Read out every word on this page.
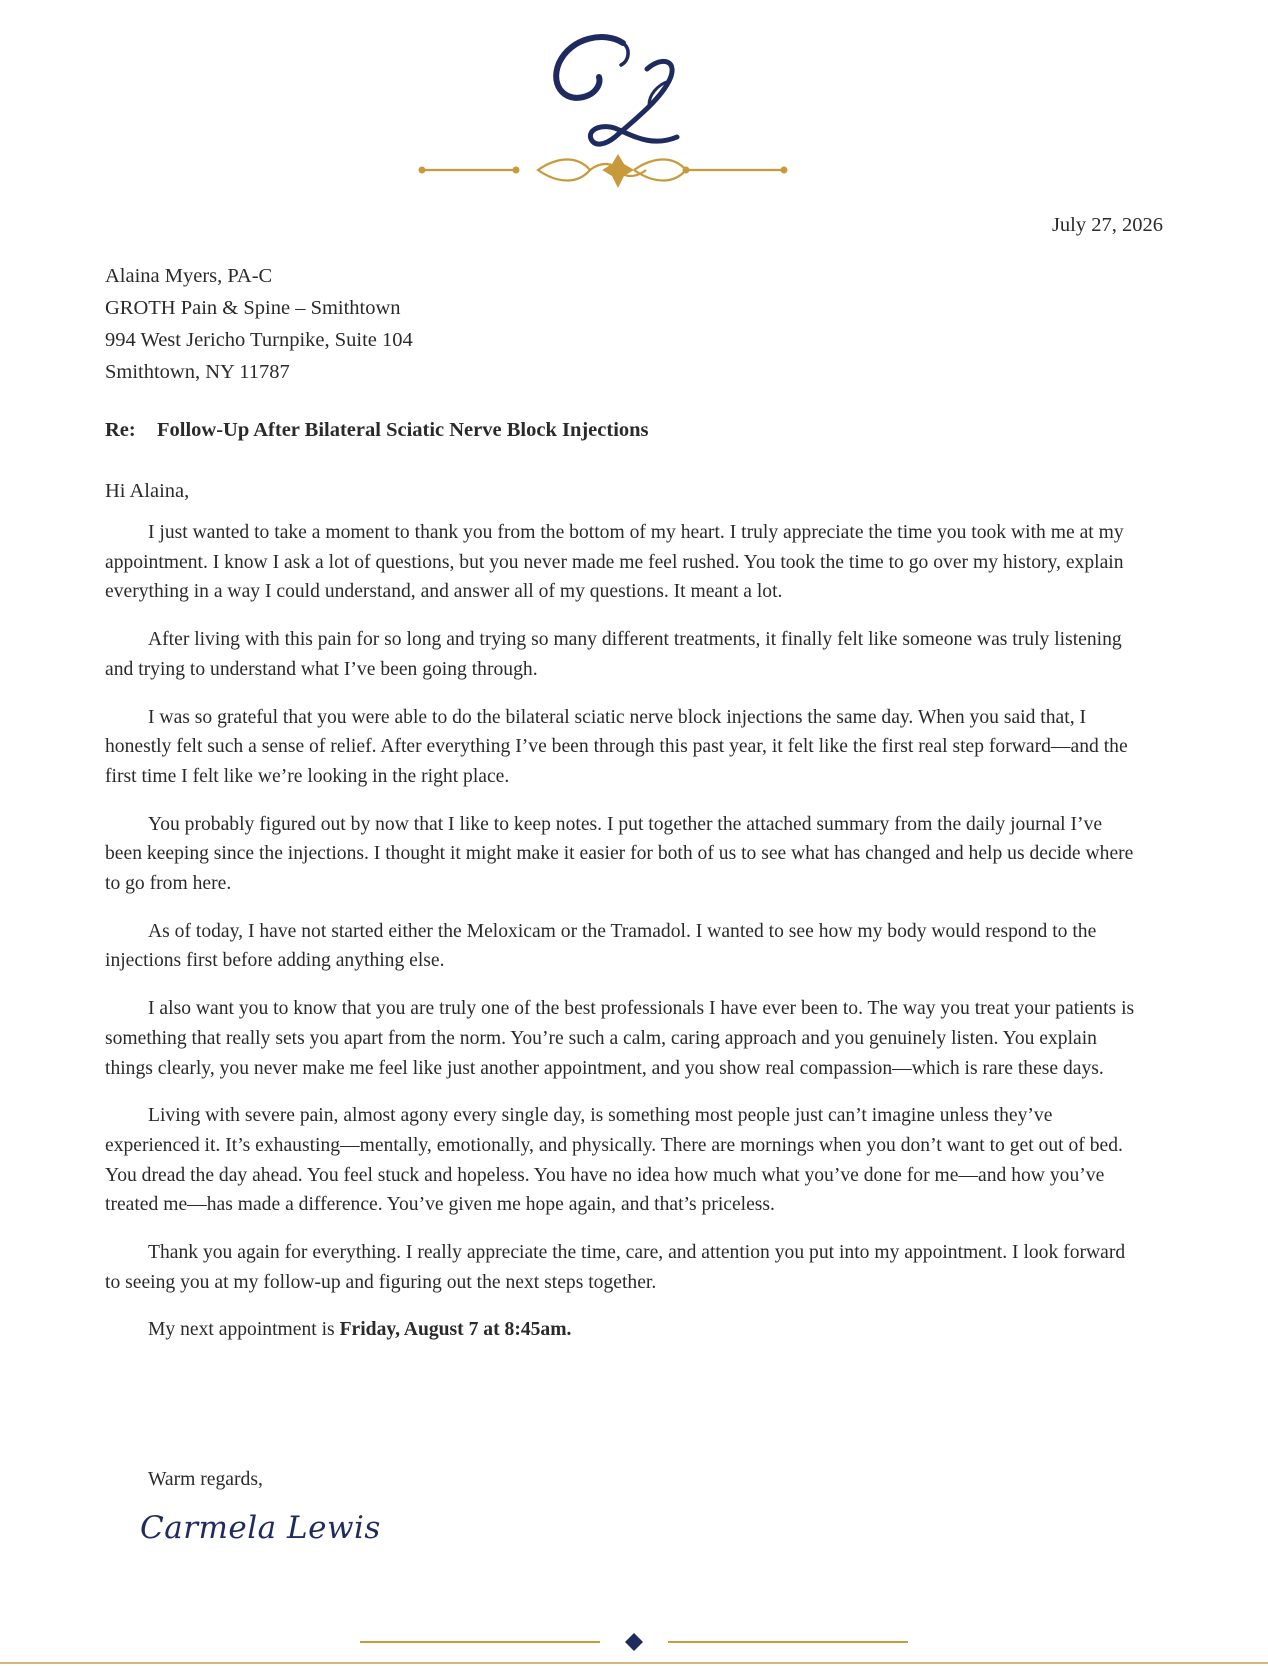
July 27, 2026
Alaina Myers, PA-C
GROTH Pain & Spine – Smithtown
994 West Jericho Turnpike, Suite 104
Smithtown, NY 11787
Re: Follow-Up After Bilateral Sciatic Nerve Block Injections
Hi Alaina,

I just wanted to take a moment to thank you from the bottom of my heart. I truly appreciate the time you took with me at my appointment. I know I ask a lot of questions, but you never made me feel rushed. You took the time to go over my history, explain everything in a way I could understand, and answer all of my questions. It meant a lot.

After living with this pain for so long and trying so many different treatments, it finally felt like someone was truly listening and trying to understand what I’ve been going through.

I was so grateful that you were able to do the bilateral sciatic nerve block injections the same day. When you said that, I honestly felt such a sense of relief. After everything I’ve been through this past year, it felt like the first real step forward—and the first time I felt like we’re looking in the right place.

You probably figured out by now that I like to keep notes. I put together the attached summary from the daily journal I’ve been keeping since the injections. I thought it might make it easier for both of us to see what has changed and help us decide where to go from here.

As of today, I have not started either the Meloxicam or the Tramadol. I wanted to see how my body would respond to the injections first before adding anything else.

I also want you to know that you are truly one of the best professionals I have ever been to. The way you treat your patients is something that really sets you apart from the norm. You’re such a calm, caring approach and you genuinely listen. You explain things clearly, you never make me feel like just another appointment, and you show real compassion—which is rare these days.

Living with severe pain, almost agony every single day, is something most people just can’t imagine unless they’ve experienced it. It’s exhausting—mentally, emotionally, and physically. There are mornings when you don’t want to get out of bed. You dread the day ahead. You feel stuck and hopeless. You have no idea how much what you’ve done for me—and how you’ve treated me—has made a difference. You’ve given me hope again, and that’s priceless.

Thank you again for everything. I really appreciate the time, care, and attention you put into my appointment. I look forward to seeing you at my follow-up and figuring out the next steps together.

My next appointment is Friday, August 7 at 8:45am.

Warm regards,
Carmela Lewis
